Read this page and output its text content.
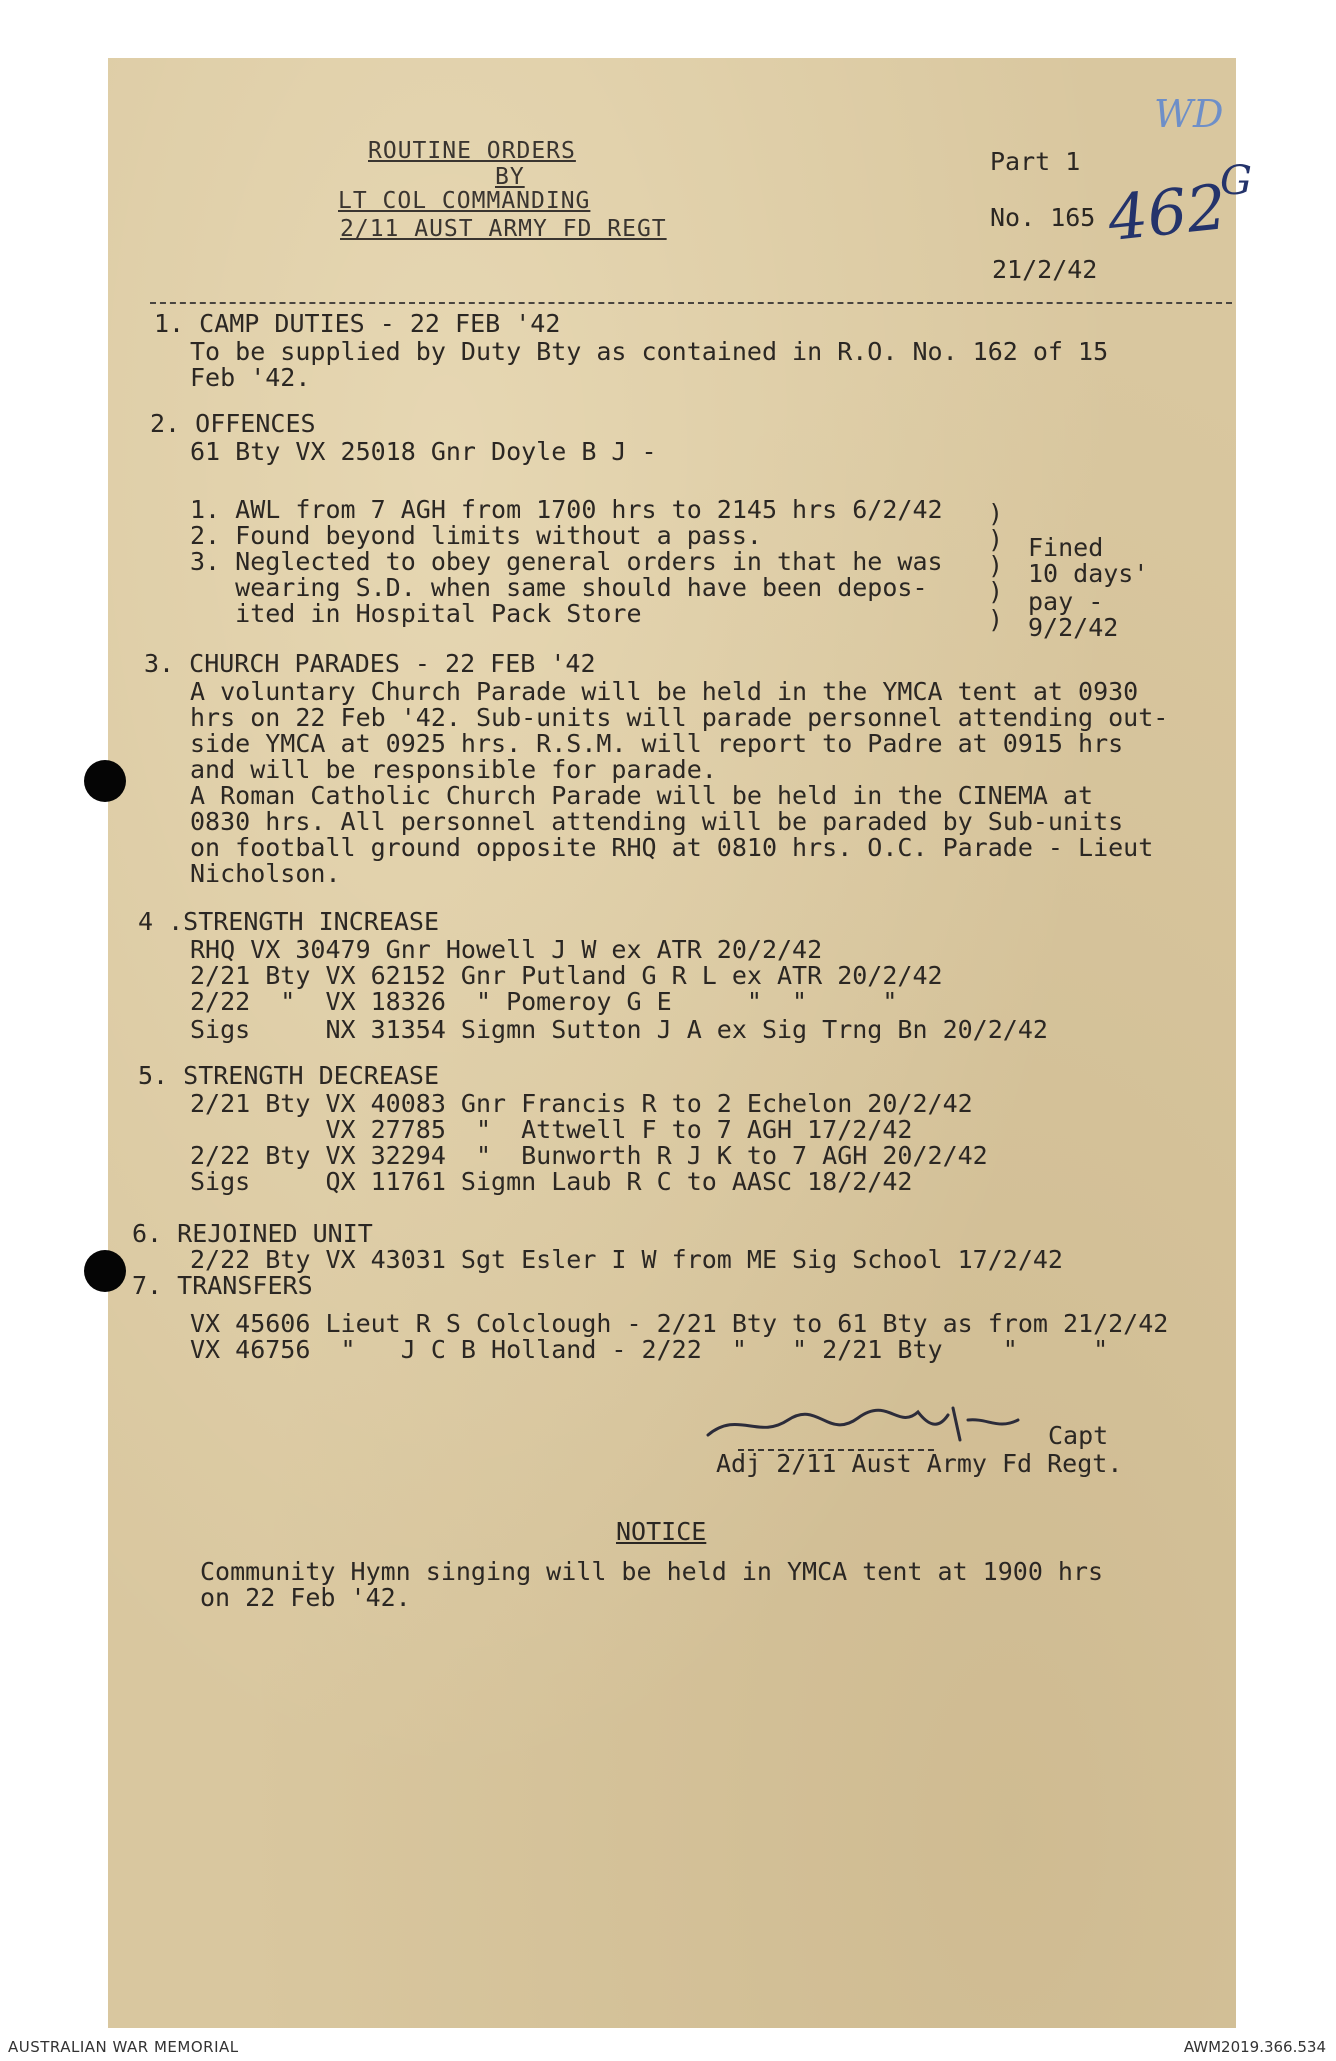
WD
462
G
ROUTINE ORDERS
BY
LT COL COMMANDING
2/11 AUST ARMY FD REGT
Part 1
No. 165
21/2/42
1. CAMP DUTIES - 22 FEB '42
To be supplied by Duty Bty as contained in R.O. No. 162 of 15
Feb '42.
2. OFFENCES
61 Bty VX 25018 Gnr Doyle B J -
1. AWL from 7 AGH from 1700 hrs to 2145 hrs 6/2/42
2. Found beyond limits without a pass.
3. Neglected to obey general orders in that he was
wearing S.D. when same should have been depos-
ited in Hospital Pack Store
)
)
)
)
)
Fined
10 days'
pay -
9/2/42
3. CHURCH PARADES - 22 FEB '42
A voluntary Church Parade will be held in the YMCA tent at 0930
hrs on 22 Feb '42. Sub-units will parade personnel attending out-
side YMCA at 0925 hrs. R.S.M. will report to Padre at 0915 hrs
and will be responsible for parade.
A Roman Catholic Church Parade will be held in the CINEMA at
0830 hrs. All personnel attending will be paraded by Sub-units
on football ground opposite RHQ at 0810 hrs. O.C. Parade - Lieut
Nicholson.
4 .STRENGTH INCREASE
RHQ VX 30479 Gnr Howell J W ex ATR 20/2/42
2/21 Bty VX 62152 Gnr Putland G R L ex ATR 20/2/42
2/22  "  VX 18326  " Pomeroy G E     "  "     "
Sigs     NX 31354 Sigmn Sutton J A ex Sig Trng Bn 20/2/42
5. STRENGTH DECREASE
2/21 Bty VX 40083 Gnr Francis R to 2 Echelon 20/2/42
VX 27785  "  Attwell F to 7 AGH 17/2/42
2/22 Bty VX 32294  "  Bunworth R J K to 7 AGH 20/2/42
Sigs     QX 11761 Sigmn Laub R C to AASC 18/2/42
6. REJOINED UNIT
2/22 Bty VX 43031 Sgt Esler I W from ME Sig School 17/2/42
7. TRANSFERS
VX 45606 Lieut R S Colclough - 2/21 Bty to 61 Bty as from 21/2/42
VX 46756  "   J C B Holland - 2/22  "   " 2/21 Bty    "     "
Capt
Adj 2/11 Aust Army Fd Regt.
NOTICE
Community Hymn singing will be held in YMCA tent at 1900 hrs
on 22 Feb '42.
AUSTRALIAN WAR MEMORIAL	AWM2019.366.534
